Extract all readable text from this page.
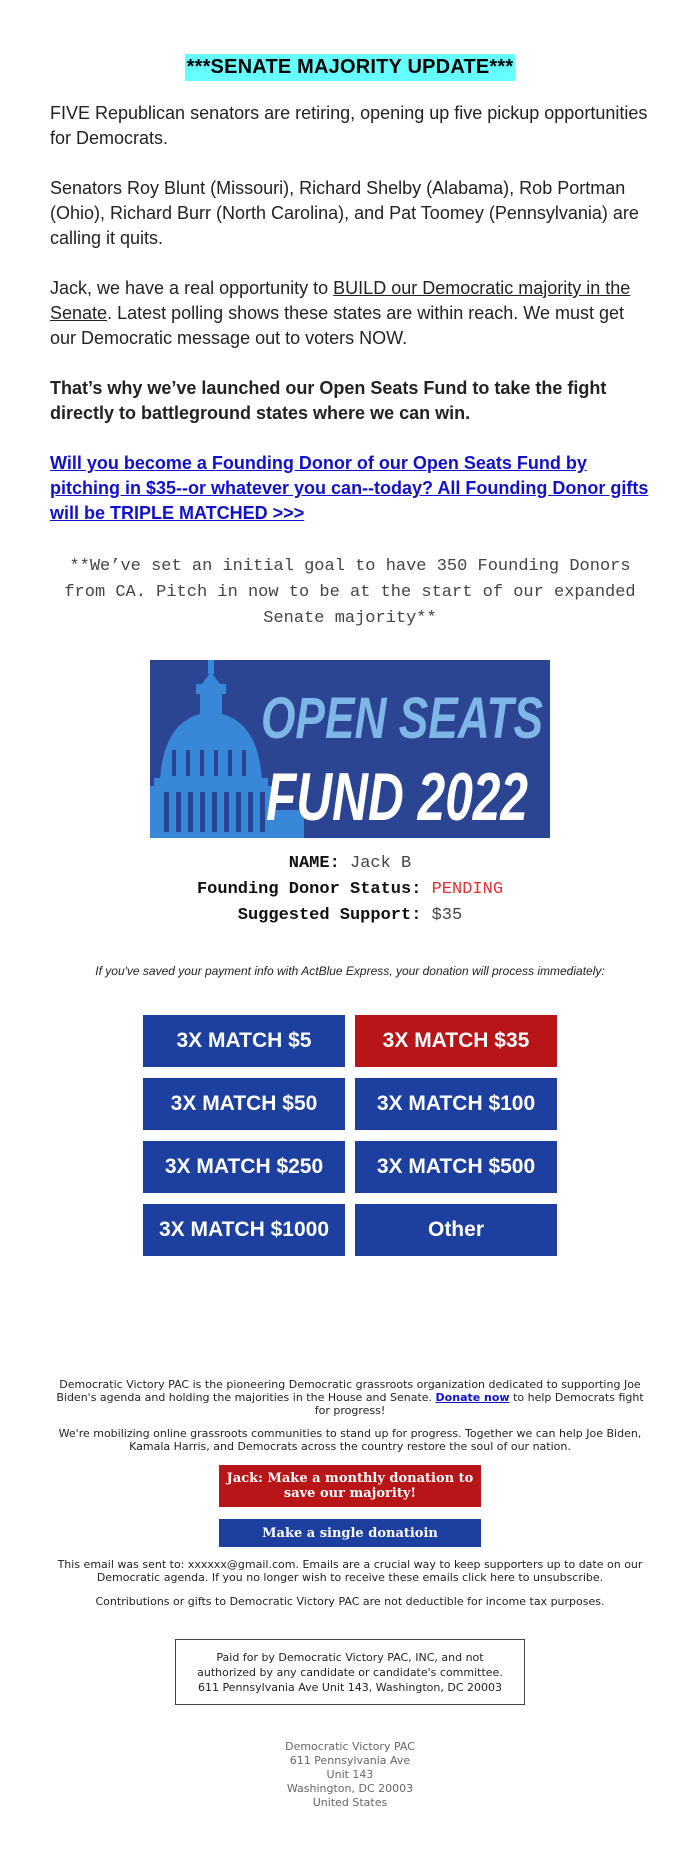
***SENATE MAJORITY UPDATE***

FIVE Republican senators are retiring, opening up five pickup opportunities for Democrats.

Senators Roy Blunt (Missouri), Richard Shelby (Alabama), Rob Portman (Ohio), Richard Burr (North Carolina), and Pat Toomey (Pennsylvania) are calling it quits.

Jack, we have a real opportunity to BUILD our Democratic majority in the Senate. Latest polling shows these states are within reach. We must get our Democratic message out to voters NOW.

That’s why we’ve launched our Open Seats Fund to take the fight directly to battleground states where we can win.

Will you become a Founding Donor of our Open Seats Fund by pitching in $35--or whatever you can--today? All Founding Donor gifts will be TRIPLE MATCHED >>>
**We’ve set an initial goal to have 350 Founding Donors from CA. Pitch in now to be at the start of our expanded Senate majority**
OPEN SEATS
FUND 2022
NAME: Jack B
Founding Donor Status: PENDING
Suggested Support: $35
If you've saved your payment info with ActBlue Express, your donation will process immediately:
3X MATCH $5	3X MATCH $35
3X MATCH $50	3X MATCH $100
3X MATCH $250	3X MATCH $500
3X MATCH $1000	Other
Democratic Victory PAC is the pioneering Democratic grassroots organization dedicated to supporting Joe Biden's agenda and holding the majorities in the House and Senate. Donate now to help Democrats fight for progress!
We're mobilizing online grassroots communities to stand up for progress. Together we can help Joe Biden, Kamala Harris, and Democrats across the country restore the soul of our nation.
Jack: Make a monthly donation to save our majority!
Make a single donatioin
This email was sent to: xxxxxx@gmail.com. Emails are a crucial way to keep supporters up to date on our Democratic agenda. If you no longer wish to receive these emails click here to unsubscribe.
Contributions or gifts to Democratic Victory PAC are not deductible for income tax purposes.
Paid for by Democratic Victory PAC, INC, and not authorized by any candidate or candidate's committee. 611 Pennsylvania Ave Unit 143, Washington, DC 20003
Democratic Victory PAC
611 Pennsylvania Ave
Unit 143
Washington, DC 20003
United States
